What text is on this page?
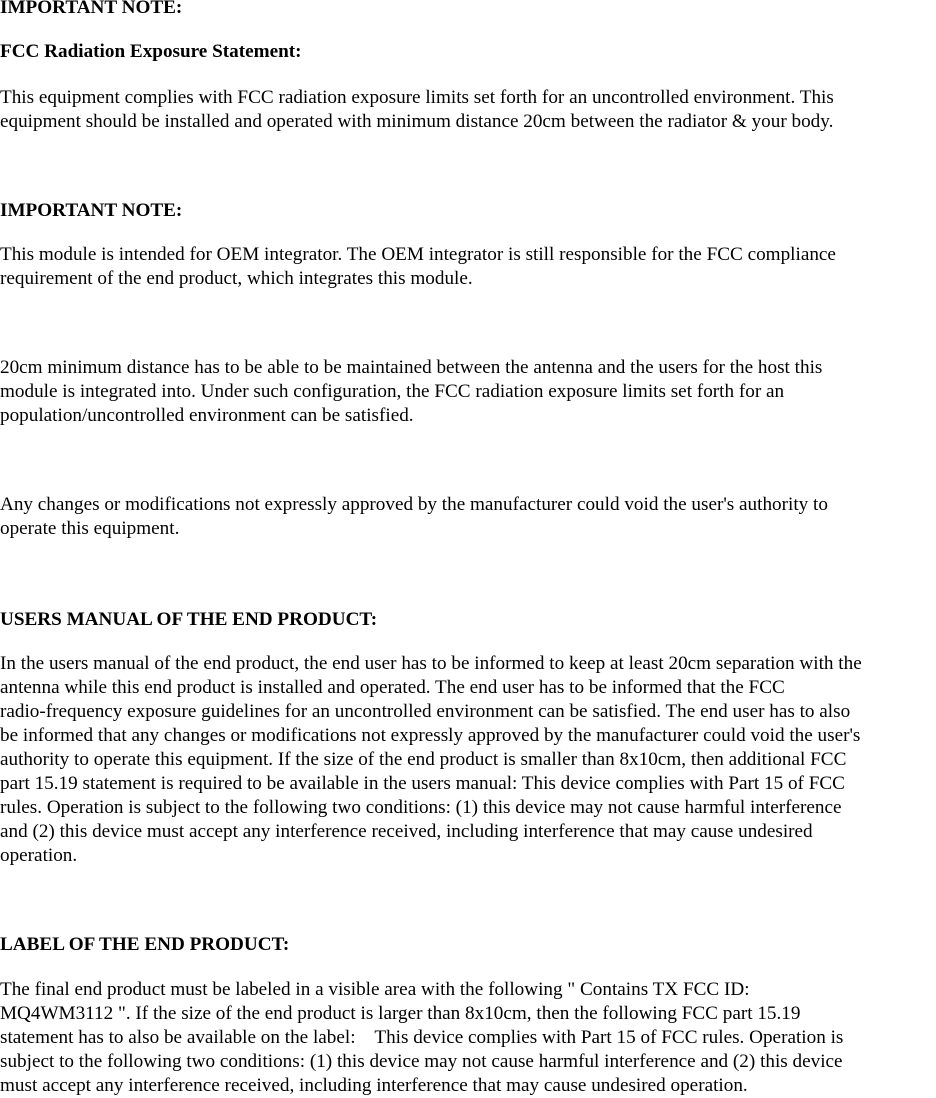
IMPORTANT NOTE:
FCC Radiation Exposure Statement:
This equipment complies with FCC radiation exposure limits set forth for an uncontrolled environment. This
equipment should be installed and operated with minimum distance 20cm between the radiator & your body.
IMPORTANT NOTE:
This module is intended for OEM integrator. The OEM integrator is still responsible for the FCC compliance
requirement of the end product, which integrates this module.
20cm minimum distance has to be able to be maintained between the antenna and the users for the host this
module is integrated into. Under such configuration, the FCC radiation exposure limits set forth for an
population/uncontrolled environment can be satisfied.
Any changes or modifications not expressly approved by the manufacturer could void the user's authority to
operate this equipment.
USERS MANUAL OF THE END PRODUCT:
In the users manual of the end product, the end user has to be informed to keep at least 20cm separation with the
antenna while this end product is installed and operated. The end user has to be informed that the FCC
radio-frequency exposure guidelines for an uncontrolled environment can be satisfied. The end user has to also
be informed that any changes or modifications not expressly approved by the manufacturer could void the user's
authority to operate this equipment. If the size of the end product is smaller than 8x10cm, then additional FCC
part 15.19 statement is required to be available in the users manual: This device complies with Part 15 of FCC
rules. Operation is subject to the following two conditions: (1) this device may not cause harmful interference
and (2) this device must accept any interference received, including interference that may cause undesired
operation.
LABEL OF THE END PRODUCT:
The final end product must be labeled in a visible area with the following " Contains TX FCC ID:
MQ4WM3112 ". If the size of the end product is larger than 8x10cm, then the following FCC part 15.19
statement has to also be available on the label:    This device complies with Part 15 of FCC rules. Operation is
subject to the following two conditions: (1) this device may not cause harmful interference and (2) this device
must accept any interference received, including interference that may cause undesired operation.
